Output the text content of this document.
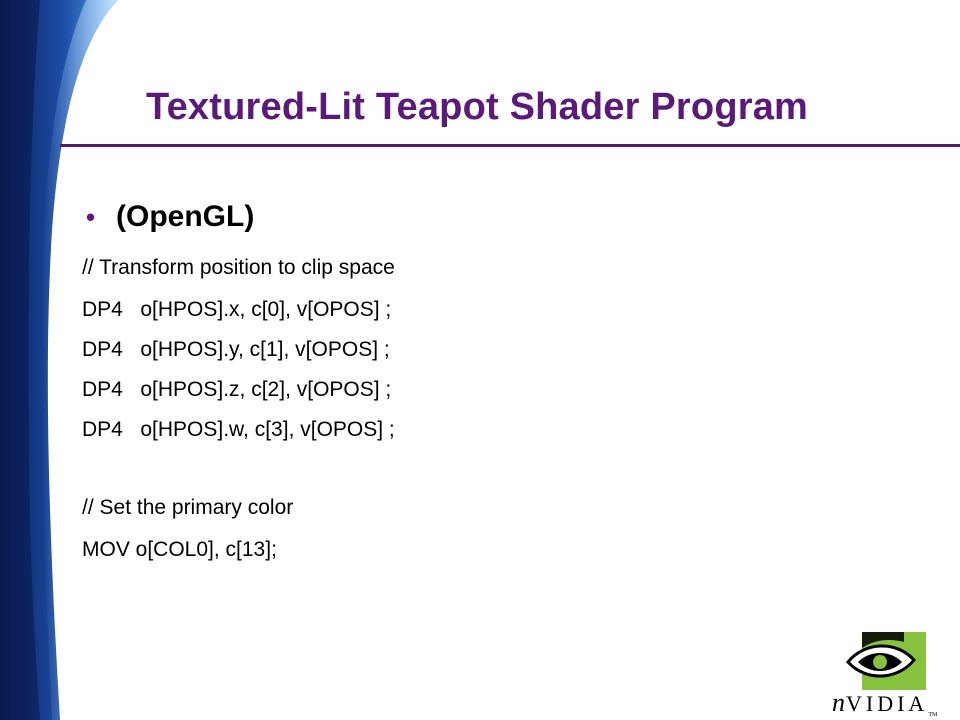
Textured-Lit Teapot Shader Program
• (OpenGL)

// Transform position to clip space

DP4   o[HPOS].x, c[0], v[OPOS] ;

DP4   o[HPOS].y, c[1], v[OPOS] ;

DP4   o[HPOS].z, c[2], v[OPOS] ;

DP4   o[HPOS].w, c[3], v[OPOS] ;

// Set the primary color

MOV o[COL0], c[13];

nVIDIATM
